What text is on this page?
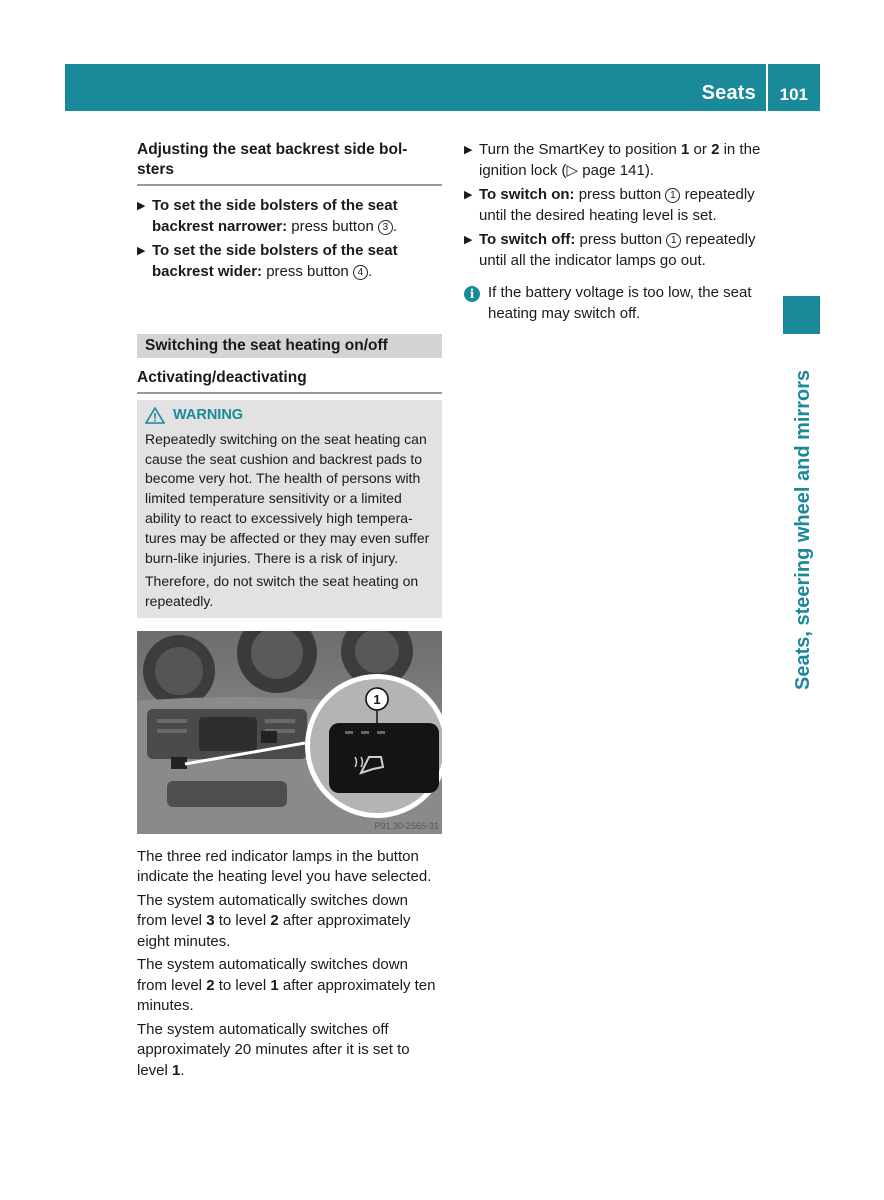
Seats 101
Seats, steering wheel and mirrors
Adjusting the seat backrest side bol-
sters
▶ To set the side bolsters of the seat backrest narrower: press button 3 .
▶ To set the side bolsters of the seat backrest wider: press button 4 .
Switching the seat heating on/off
Activating/deactivating
WARNING

Repeatedly switching on the seat heating can cause the seat cushion and backrest pads to become very hot. The health of persons with limited temperature sensitivity or a limited ability to react to excessively high tempera-tures may be affected or they may even suffer burn-like injuries. There is a risk of injury.

Therefore, do not switch the seat heating on repeatedly.

1
P91.30-2565-31

The three red indicator lamps in the button indicate the heating level you have selected.

The system automatically switches down from level 3 to level 2 after approximately eight minutes.

The system automatically switches down from level 2 to level 1 after approximately ten minutes.

The system automatically switches off approximately 20 minutes after it is set to level 1.

▶ Turn the SmartKey to position 1 or 2 in the ignition lock (▷ page 141).
▶ To switch on: press button 1 repeatedly until the desired heating level is set.
▶ To switch off: press button 1 repeatedly until all the indicator lamps go out.
i If the battery voltage is too low, the seat heating may switch off.
